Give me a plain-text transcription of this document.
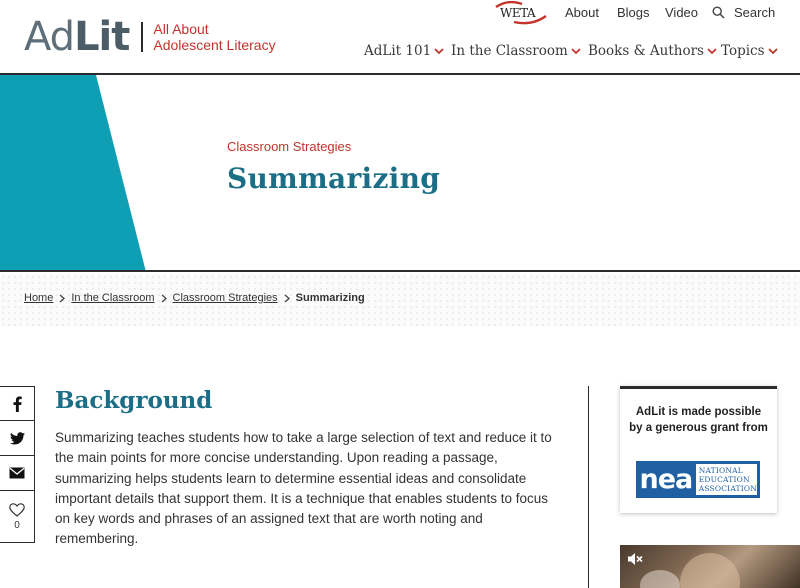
AdLit All About
Adolescent Literacy
WETA About Blogs Video	Search
AdLit 101 In the Classroom Books & Authors Topics
Classroom Strategies
Summarizing
Home In the Classroom Classroom Strategies Summarizing
0
Background

Summarizing teaches students how to take a large selection of text and reduce it to the main points for more concise understanding. Upon reading a passage, summarizing helps students learn to determine essential ideas and consolidate important details that support them. It is a technique that enables students to focus on key words and phrases of an assigned text that are worth noting and remembering.

AdLit is made possible by a generous grant from
nea NATIONAL
EDUCATION
ASSOCIATION
